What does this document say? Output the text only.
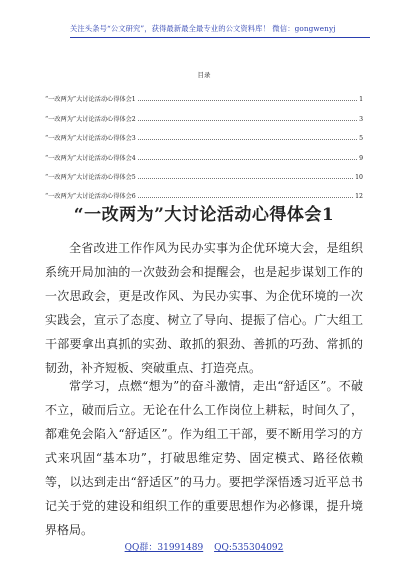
关注头条号“公文研究”，获得最新最全最专业的公文资料库！ 微信：gongwenyj
目录
“一改两为”大讨论活动心得体会1	1
“一改两为”大讨论活动心得体会2	3
“一改两为”大讨论活动心得体会3	5
“一改两为”大讨论活动心得体会4	9
“一改两为”大讨论活动心得体会5	10
“一改两为”大讨论活动心得体会6	12
“一改两为”大讨论活动心得体会1

全省改进工作作风为民办实事为企优环境大会，是组织系统开局加油的一次鼓劲会和提醒会，也是起步谋划工作的一次思政会，更是改作风、为民办实事、为企优环境的一次实践会，宣示了态度、树立了导向、提振了信心。广大组工干部要拿出真抓的实劲、敢抓的狠劲、善抓的巧劲、常抓的韧劲，补齐短板、突破重点、打造亮点。

常学习，点燃“想为”的奋斗激情，走出“舒适区”。不破不立，破而后立。无论在什么工作岗位上耕耘，时间久了，都难免会陷入“舒适区”。作为组工干部，要不断用学习的方式来巩固“基本功”，打破思维定势、固定模式、路径依赖等，以达到走出“舒适区”的马力。要把学深悟透习近平总书记关于党的建设和组织工作的重要思想作为必修课，提升境界格局。

QQ群：31991489 QQ:535304092
